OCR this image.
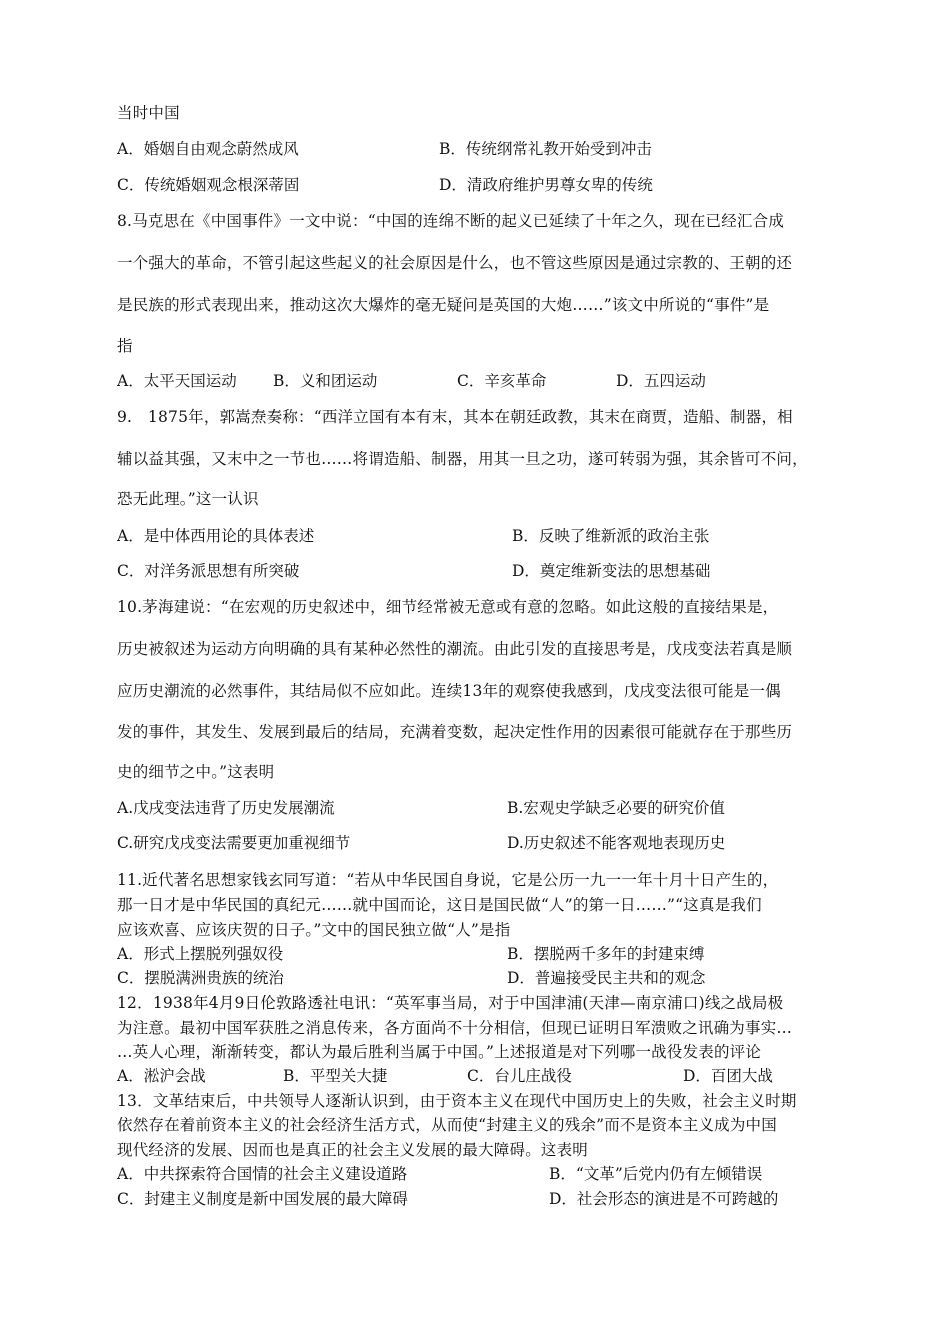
当时中国
A．婚姻自由观念蔚然成风	B．传统纲常礼教开始受到冲击
C．传统婚姻观念根深蒂固	D．清政府维护男尊女卑的传统
8.马克思在《中国事件》一文中说：“中国的连绵不断的起义已延续了十年之久，现在已经汇合成
一个强大的革命，不管引起这些起义的社会原因是什么，也不管这些原因是通过宗教的、王朝的还
是民族的形式表现出来，推动这次大爆炸的毫无疑问是英国的大炮……”该文中所说的“事件”是
指
A．太平天国运动 B．义和团运动	C．辛亥革命	D．五四运动
9.　1875年，郭嵩焘奏称：“西洋立国有本有末，其本在朝廷政教，其末在商贾，造船、制器，相
辅以益其强，又末中之一节也……将谓造船、制器，用其一旦之功，遂可转弱为强，其余皆可不问，
恐无此理。”这一认识
A．是中体西用论的具体表述	B．反映了维新派的政治主张
C．对洋务派思想有所突破	D．奠定维新变法的思想基础
10.茅海建说：“在宏观的历史叙述中，细节经常被无意或有意的忽略。如此这般的直接结果是，
历史被叙述为运动方向明确的具有某种必然性的潮流。由此引发的直接思考是，戊戌变法若真是顺
应历史潮流的必然事件，其结局似不应如此。连续13年的观察使我感到，戊戌变法很可能是一偶
发的事件，其发生、发展到最后的结局，充满着变数，起决定性作用的因素很可能就存在于那些历
史的细节之中。”这表明
A.戊戌变法违背了历史发展潮流	B.宏观史学缺乏必要的研究价值
C.研究戊戌变法需要更加重视细节	D.历史叙述不能客观地表现历史
11.近代著名思想家钱玄同写道：“若从中华民国自身说，它是公历一九一一年十月十日产生的，
那一日才是中华民国的真纪元……就中国而论，这日是国民做“人”的第一日……”“这真是我们
应该欢喜、应该庆贺的日子。”文中的国民独立做“人”是指
A．形式上摆脱列强奴役	B．摆脱两千多年的封建束缚
C．摆脱满洲贵族的统治	D．普遍接受民主共和的观念
12．1938年4月9日伦敦路透社电讯：“英军事当局，对于中国津浦(天津—南京浦口)线之战局极
为注意。最初中国军获胜之消息传来，各方面尚不十分相信，但现已证明日军溃败之讯确为事实…
…英人心理，渐渐转变，都认为最后胜利当属于中国。”上述报道是对下列哪一战役发表的评论
A．淞沪会战	B．平型关大捷	C．台儿庄战役	D．百团大战
13．文革结束后，中共领导人逐渐认识到，由于资本主义在现代中国历史上的失败，社会主义时期
依然存在着前资本主义的社会经济生活方式，从而使“封建主义的残余”而不是资本主义成为中国
现代经济的发展、因而也是真正的社会主义发展的最大障碍。这表明
A．中共探索符合国情的社会主义建设道路	B．“文革”后党内仍有左倾错误
C．封建主义制度是新中国发展的最大障碍	D．社会形态的演进是不可跨越的
